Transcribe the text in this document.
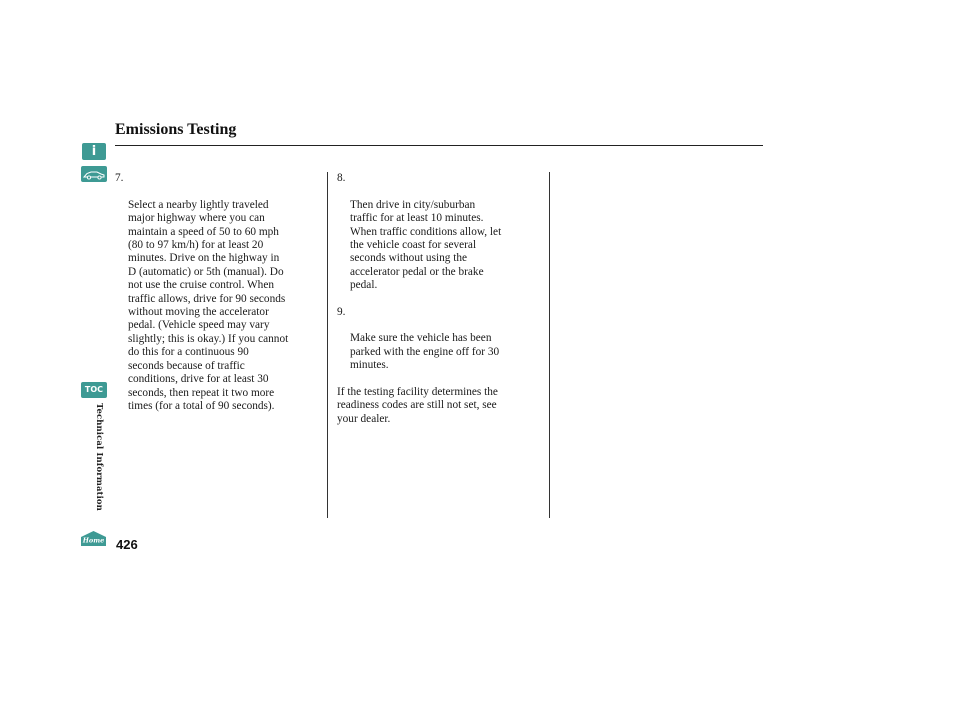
Emissions Testing
i
TOC
Technical Information
Home 426

7.

Select a nearby lightly traveled
major highway where you can
maintain a speed of 50 to 60 mph
(80 to 97 km/h) for at least 20
minutes. Drive on the highway in
D (automatic) or 5th (manual). Do
not use the cruise control. When
traffic allows, drive for 90 seconds
without moving the accelerator
pedal. (Vehicle speed may vary
slightly; this is okay.) If you cannot
do this for a continuous 90
seconds because of traffic
conditions, drive for at least 30
seconds, then repeat it two more
times (for a total of 90 seconds).

8.

Then drive in city/suburban
traffic for at least 10 minutes.
When traffic conditions allow, let
the vehicle coast for several
seconds without using the
accelerator pedal or the brake
pedal.

9.

Make sure the vehicle has been
parked with the engine off for 30
minutes.

If the testing facility determines the
readiness codes are still not set, see
your dealer.
